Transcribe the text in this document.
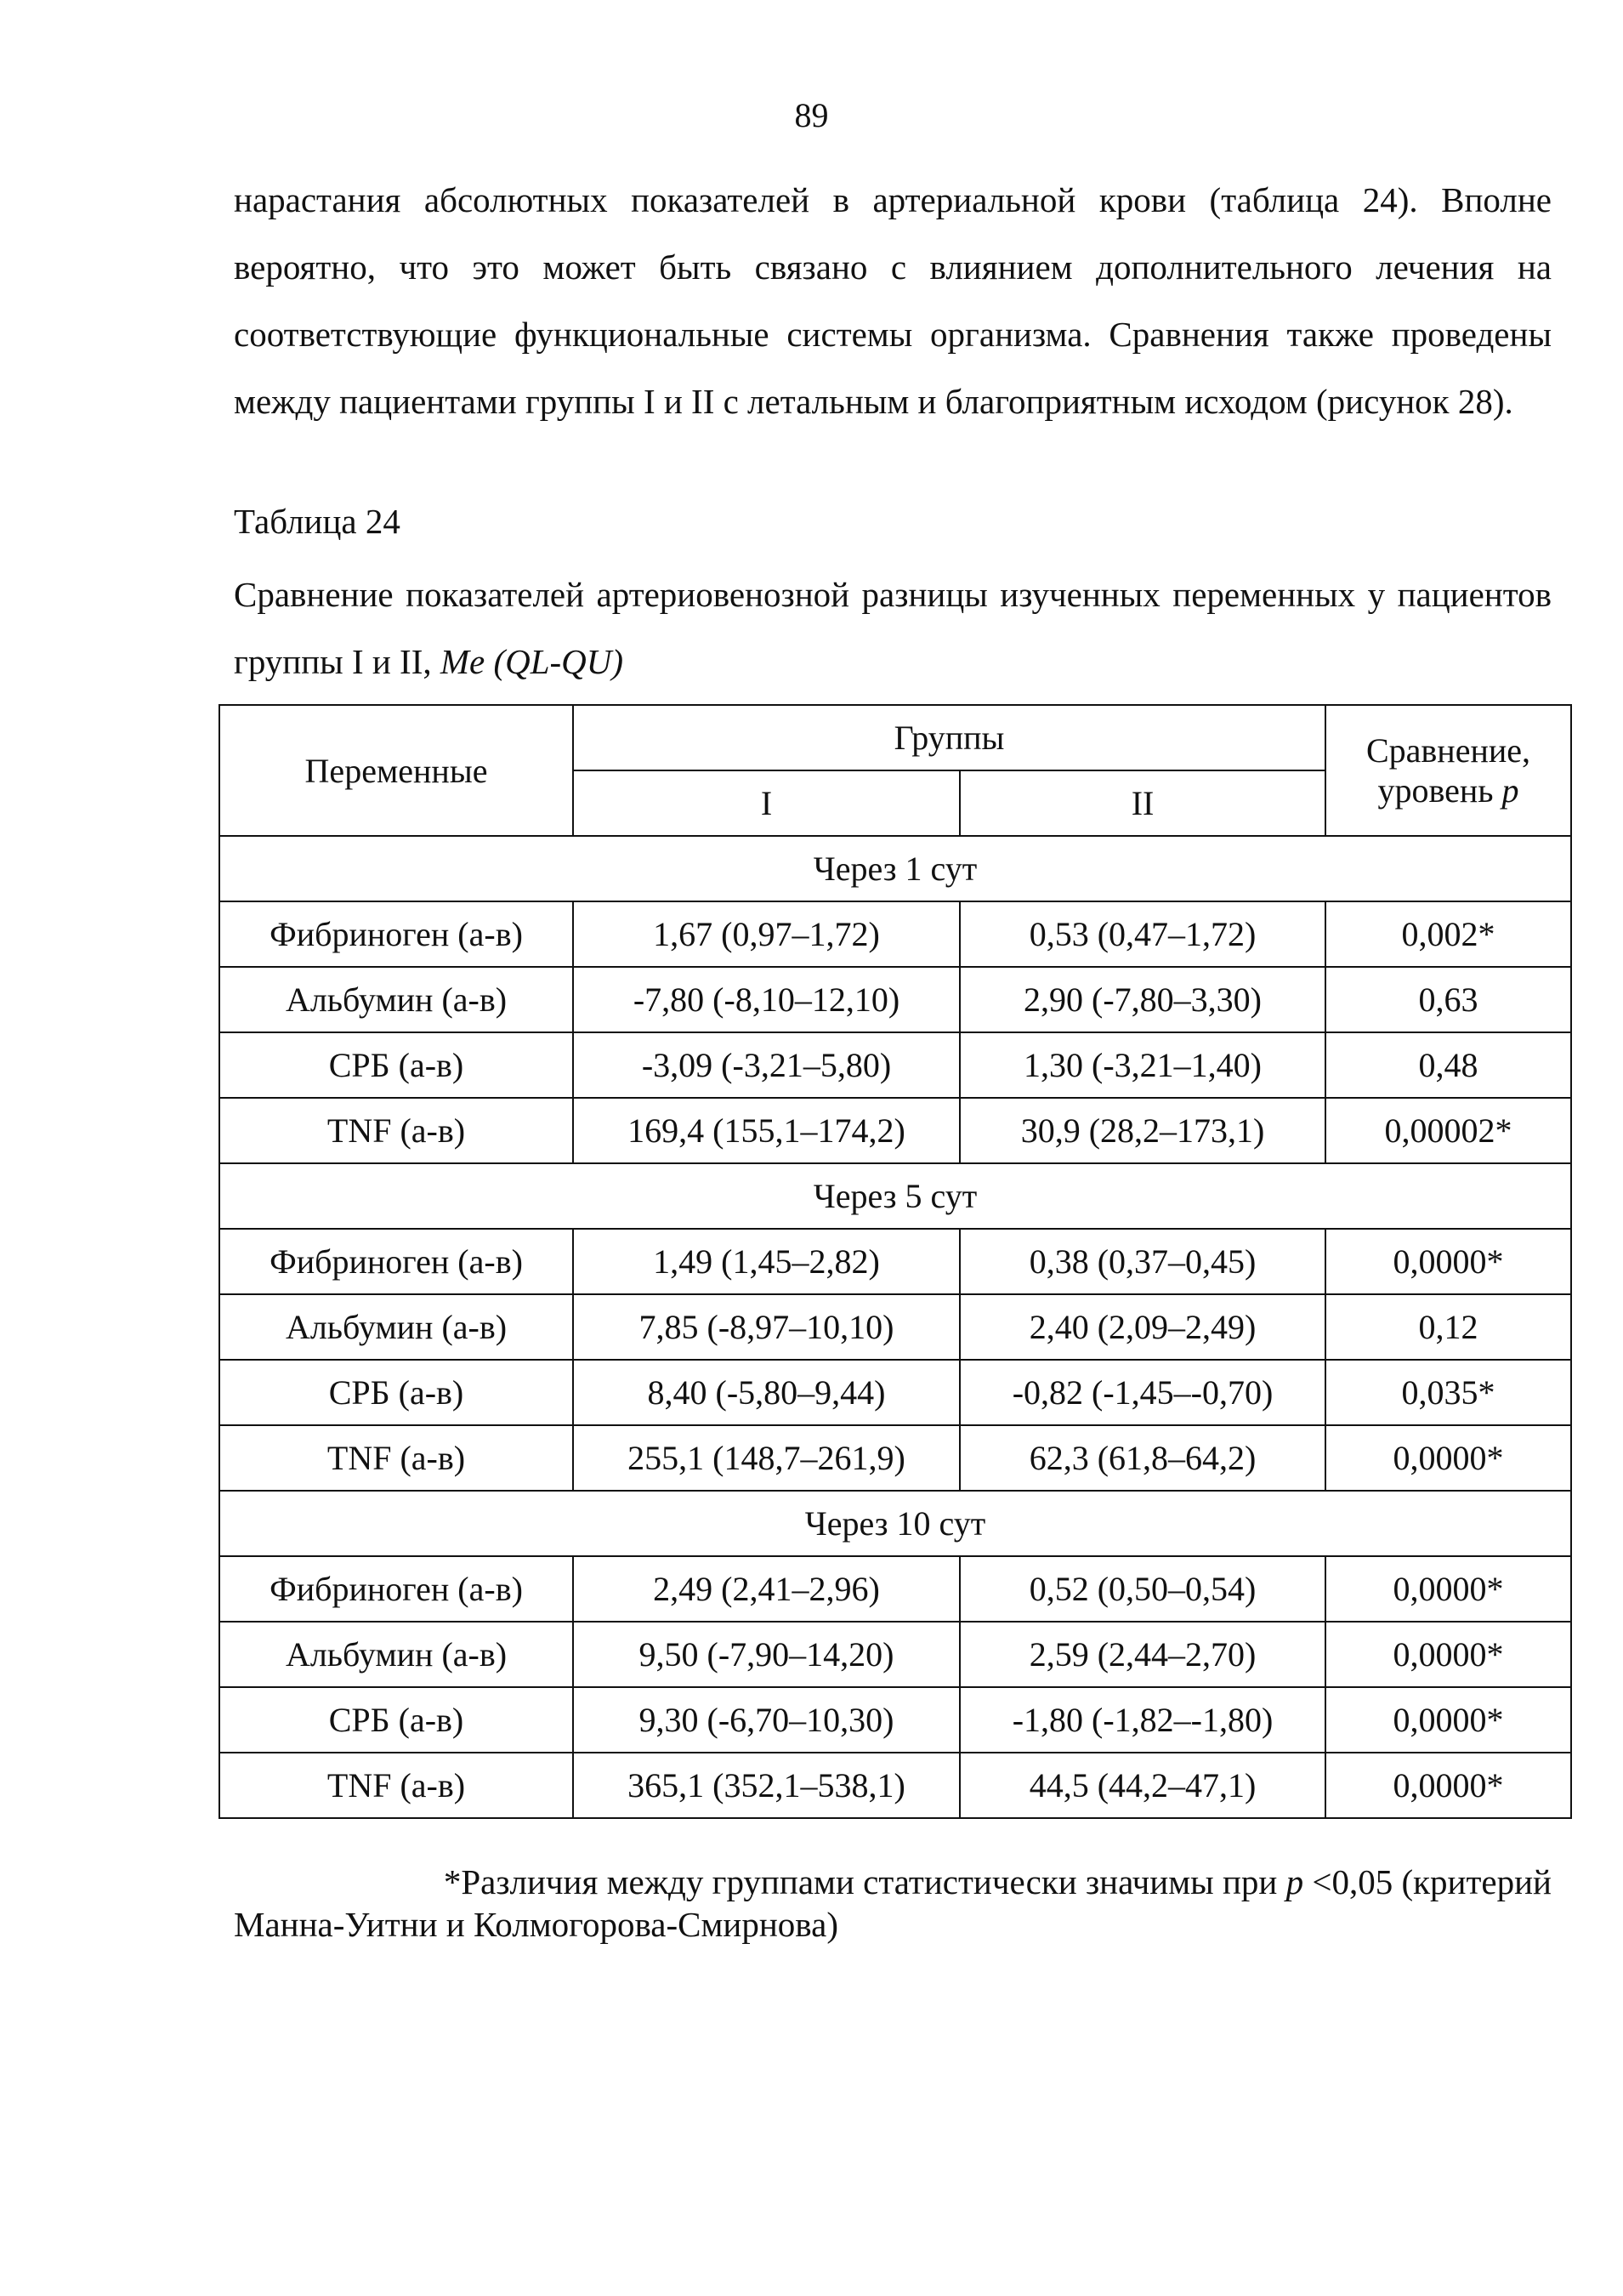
89

нарастания абсолютных показателей в артериальной крови (таблица 24). Вполне вероятно, что это может быть связано с влиянием дополнительного лечения на соответствующие функциональные системы организма. Сравнения также проведены между пациентами группы I и II с летальным и благоприятным исходом (рисунок 28).

Таблица 24

Сравнение показателей артериовенозной разницы изученных переменных у пациентов группы I и II, Me (QL-QU)

Переменные	Группы		Сравнение,
уровень p
	I	II	
Через 1 сут			
Фибриноген (а-в)	1,67 (0,97–1,72)	0,53 (0,47–1,72)	0,002*
Альбумин (а-в)	-7,80 (-8,10–12,10)	2,90 (-7,80–3,30)	0,63
СРБ (а-в)	-3,09 (-3,21–5,80)	1,30 (-3,21–1,40)	0,48
TNF (а-в)	169,4 (155,1–174,2)	30,9 (28,2–173,1)	0,00002*
Через 5 сут			
Фибриноген (а-в)	1,49 (1,45–2,82)	0,38 (0,37–0,45)	0,0000*
Альбумин (а-в)	7,85 (-8,97–10,10)	2,40 (2,09–2,49)	0,12
СРБ (а-в)	8,40 (-5,80–9,44)	-0,82 (-1,45–-0,70)	0,035*
TNF (а-в)	255,1 (148,7–261,9)	62,3 (61,8–64,2)	0,0000*
Через 10 сут			
Фибриноген (а-в)	2,49 (2,41–2,96)	0,52 (0,50–0,54)	0,0000*
Альбумин (а-в)	9,50 (-7,90–14,20)	2,59 (2,44–2,70)	0,0000*
СРБ (а-в)	9,30 (-6,70–10,30)	-1,80 (-1,82–-1,80)	0,0000*
TNF (а-в)	365,1 (352,1–538,1)	44,5 (44,2–47,1)	0,0000*

*Различия между группами статистически значимы при p <0,05 (критерий
Манна-Уитни и Колмогорова-Смирнова)
